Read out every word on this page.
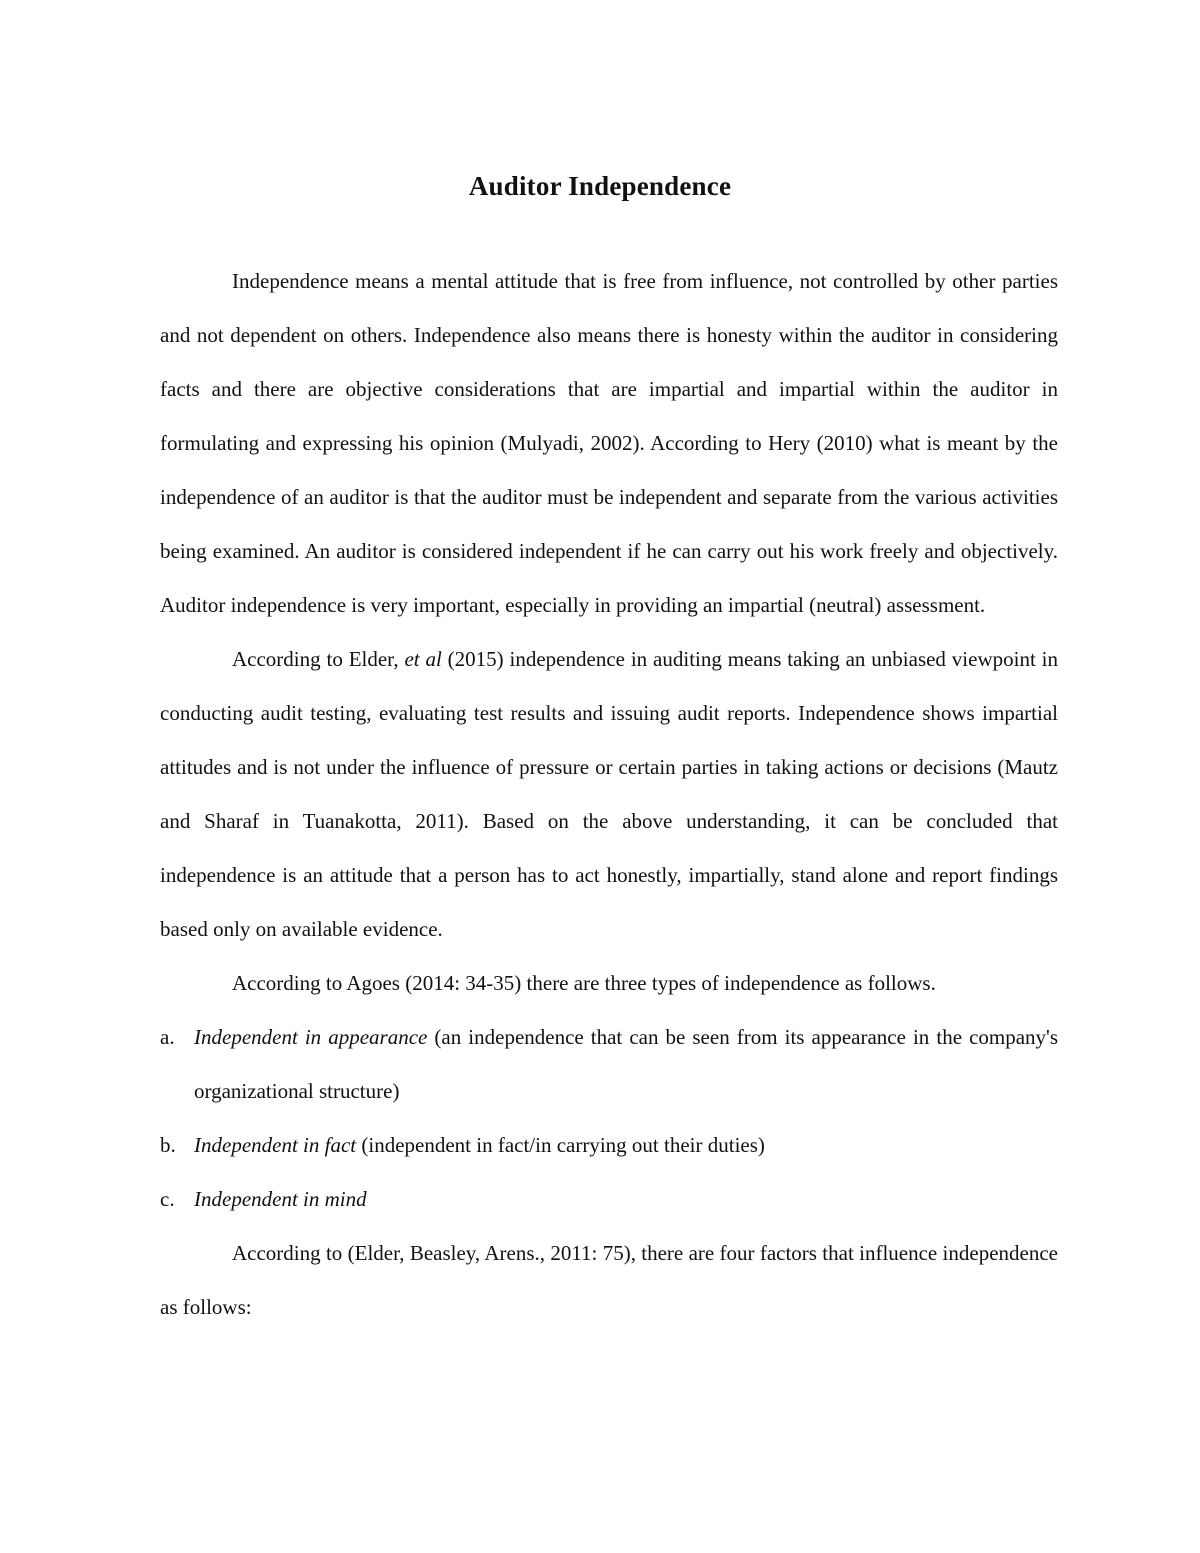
Auditor Independence

Independence means a mental attitude that is free from influence, not controlled by other parties and not dependent on others. Independence also means there is honesty within the auditor in considering facts and there are objective considerations that are impartial and impartial within the auditor in formulating and expressing his opinion (Mulyadi, 2002). According to Hery (2010) what is meant by the independence of an auditor is that the auditor must be independent and separate from the various activities being examined. An auditor is considered independent if he can carry out his work freely and objectively. Auditor independence is very important, especially in providing an impartial (neutral) assessment.

According to Elder, et al (2015) independence in auditing means taking an unbiased viewpoint in conducting audit testing, evaluating test results and issuing audit reports. Independence shows impartial attitudes and is not under the influence of pressure or certain parties in taking actions or decisions (Mautz and Sharaf in Tuanakotta, 2011). Based on the above understanding, it can be concluded that independence is an attitude that a person has to act honestly, impartially, stand alone and report findings based only on available evidence.

According to Agoes (2014: 34-35) there are three types of independence as follows.

a. Independent in appearance (an independence that can be seen from its appearance in the company's organizational structure)
b. Independent in fact (independent in fact/in carrying out their duties)
c. Independent in mind

According to (Elder, Beasley, Arens., 2011: 75), there are four factors that influence independence as follows:
